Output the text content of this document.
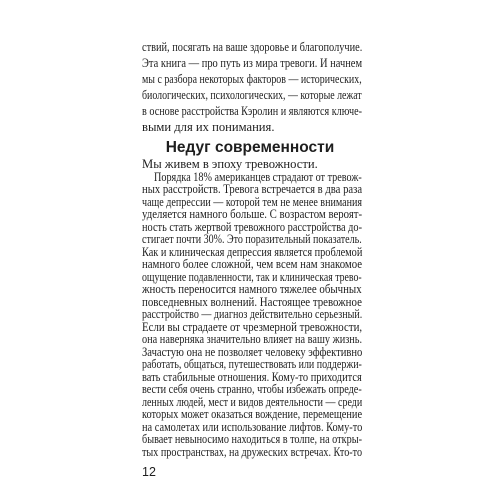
ствий, посягать на ваше здоровье и благополучие.
Эта книга — про путь из мира тревоги. И начнем
мы с разбора некоторых факторов — исторических,
биологических, психологических, — которые лежат
в основе расстройства Кэролин и являются ключе-
выми для их понимания.
Недуг современности
Мы живем в эпоху тревожности.
Порядка 18% американцев страдают от тревож-
ных расстройств. Тревога встречается в два раза
чаще депрессии — которой тем не менее внимания
уделяется намного больше. С возрастом вероят-
ность стать жертвой тревожного расстройства до-
стигает почти 30%. Это поразительный показатель.
Как и клиническая депрессия является проблемой
намного более сложной, чем всем нам знакомое
ощущение подавленности, так и клиническая трево-
жность переносится намного тяжелее обычных
повседневных волнений. Настоящее тревожное
расстройство — диагноз действительно серьезный.
Если вы страдаете от чрезмерной тревожности,
она наверняка значительно влияет на вашу жизнь.
Зачастую она не позволяет человеку эффективно
работать, общаться, путешествовать или поддержи-
вать стабильные отношения. Кому-то приходится
вести себя очень странно, чтобы избежать опреде-
ленных людей, мест и видов деятельности — среди
которых может оказаться вождение, перемещение
на самолетах или использование лифтов. Кому-то
бывает невыносимо находиться в толпе, на откры-
тых пространствах, на дружеских встречах. Кто-то
12
